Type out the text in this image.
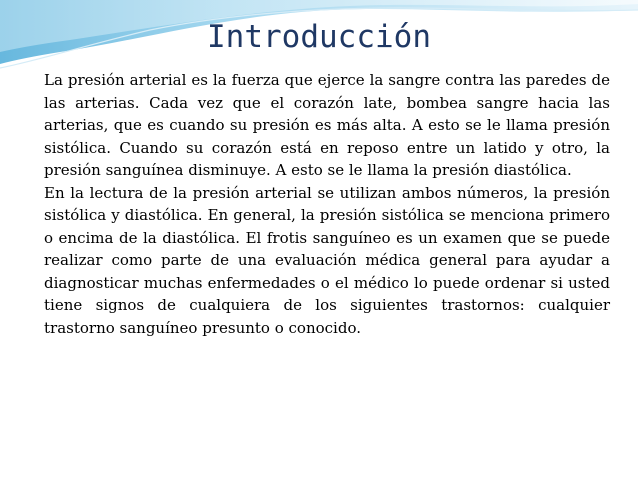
Introducción

La presión arterial es la fuerza que ejerce la sangre contra las paredes de las arterias. Cada vez que el corazón late, bombea sangre hacia las arterias, que es cuando su presión es más alta. A esto se le llama presión sistólica. Cuando su corazón está en reposo entre un latido y otro, la presión sanguínea disminuye. A esto se le llama la presión diastólica.

En la lectura de la presión arterial se utilizan ambos números, la presión sistólica y diastólica. En general, la presión sistólica se menciona primero o encima de la diastólica. El frotis sanguíneo es un examen que se puede realizar como parte de una evaluación médica general para ayudar a diagnosticar muchas enfermedades o el médico lo puede ordenar si usted tiene signos de cualquiera de los siguientes trastornos: cualquier trastorno sanguíneo presunto o conocido.
